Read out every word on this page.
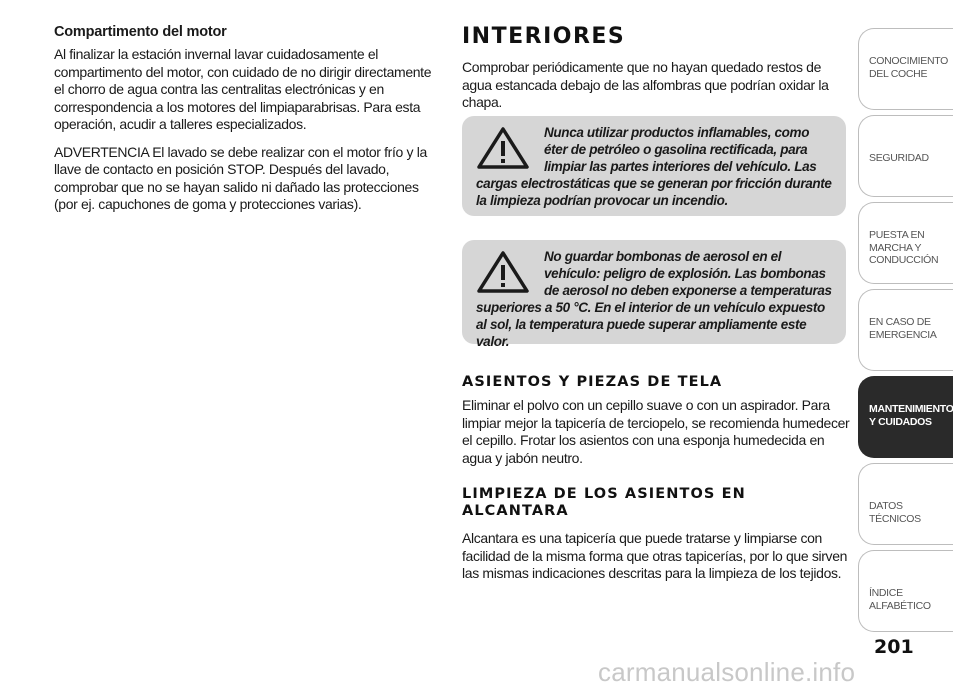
Compartimento del motor

Al finalizar la estación invernal lavar cuidadosamente el compartimento del motor, con cuidado de no dirigir directamente el chorro de agua contra las centralitas electrónicas y en correspondencia a los motores del limpiaparabrisas. Para esta operación, acudir a talleres especializados.

ADVERTENCIA El lavado se debe realizar con el motor frío y la llave de contacto en posición STOP. Después del lavado, comprobar que no se hayan salido ni dañado las protecciones (por ej. capuchones de goma y protecciones varias).

INTERIORES

Comprobar periódicamente que no hayan quedado restos de agua estancada debajo de las alfombras que podrían oxidar la chapa.

Nunca utilizar productos inflamables, como éter de petróleo o gasolina rectificada, para limpiar las partes interiores del vehículo. Las cargas electrostáticas que se generan por fricción durante la limpieza podrían provocar un incendio.

No guardar bombonas de aerosol en el vehículo: peligro de explosión. Las bombonas de aerosol no deben exponerse a temperaturas superiores a 50 °C. En el interior de un vehículo expuesto al sol, la temperatura puede superar ampliamente este valor.

ASIENTOS Y PIEZAS DE TELA

Eliminar el polvo con un cepillo suave o con un aspirador. Para limpiar mejor la tapicería de terciopelo, se recomienda humedecer el cepillo. Frotar los asientos con una esponja humedecida en agua y jabón neutro.

LIMPIEZA DE LOS ASIENTOS EN ALCANTARA

Alcantara es una tapicería que puede tratarse y limpiarse con facilidad de la misma forma que otras tapicerías, por lo que sirven las mismas indicaciones descritas para la limpieza de los tejidos.

CONOCIMIENTO DEL COCHE
SEGURIDAD
PUESTA EN MARCHA Y CONDUCCIÓN
EN CASO DE EMERGENCIA
MANTENIMIENTO Y CUIDADOS
DATOS TÉCNICOS
ÍNDICE ALFABÉTICO
201
carmanualsonline.info
